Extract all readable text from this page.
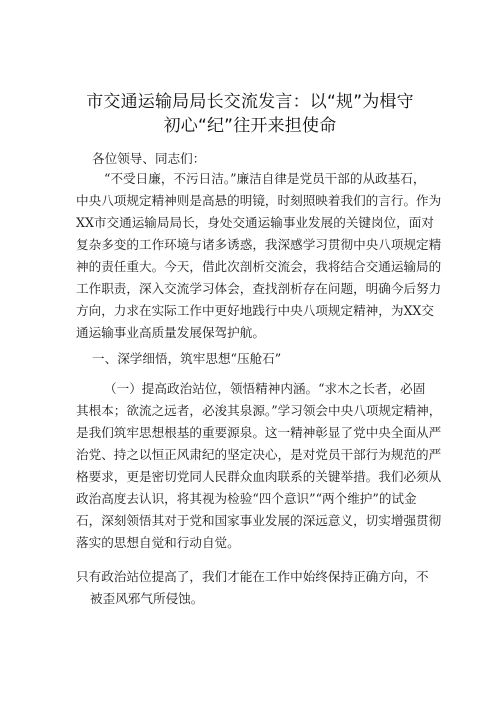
市交通运输局局长交流发言：以“规”为楫守
初心“纪”往开来担使命
各位领导、同志们：
“不受日廉，不污日洁。”廉洁自律是党员干部的从政基石，
中央八项规定精神则是高悬的明镜，时刻照映着我们的言行。作为
XX市交通运输局局长，身处交通运输事业发展的关键岗位，面对
复杂多变的工作环境与诸多诱惑，我深感学习贯彻中央八项规定精
神的责任重大。今天，借此次剖析交流会，我将结合交通运输局的
工作职责，深入交流学习体会，查找剖析存在问题，明确今后努力
方向，力求在实际工作中更好地践行中央八项规定精神，为XX交
通运输事业高质量发展保驾护航。
一、深学细悟，筑牢思想“压舱石”
（一）提高政治站位，领悟精神内涵。“求木之长者，必固
其根本；欲流之远者，必浚其泉源。”学习领会中央八项规定精神，
是我们筑牢思想根基的重要源泉。这一精神彰显了党中央全面从严
治党、持之以恒正风肃纪的坚定决心，是对党员干部行为规范的严
格要求，更是密切党同人民群众血肉联系的关键举措。我们必须从
政治高度去认识，将其视为检验“四个意识”“两个维护”的试金
石，深刻领悟其对于党和国家事业发展的深远意义，切实增强贯彻
落实的思想自觉和行动自觉。
只有政治站位提高了，我们才能在工作中始终保持正确方向，不
被歪风邪气所侵蚀。
